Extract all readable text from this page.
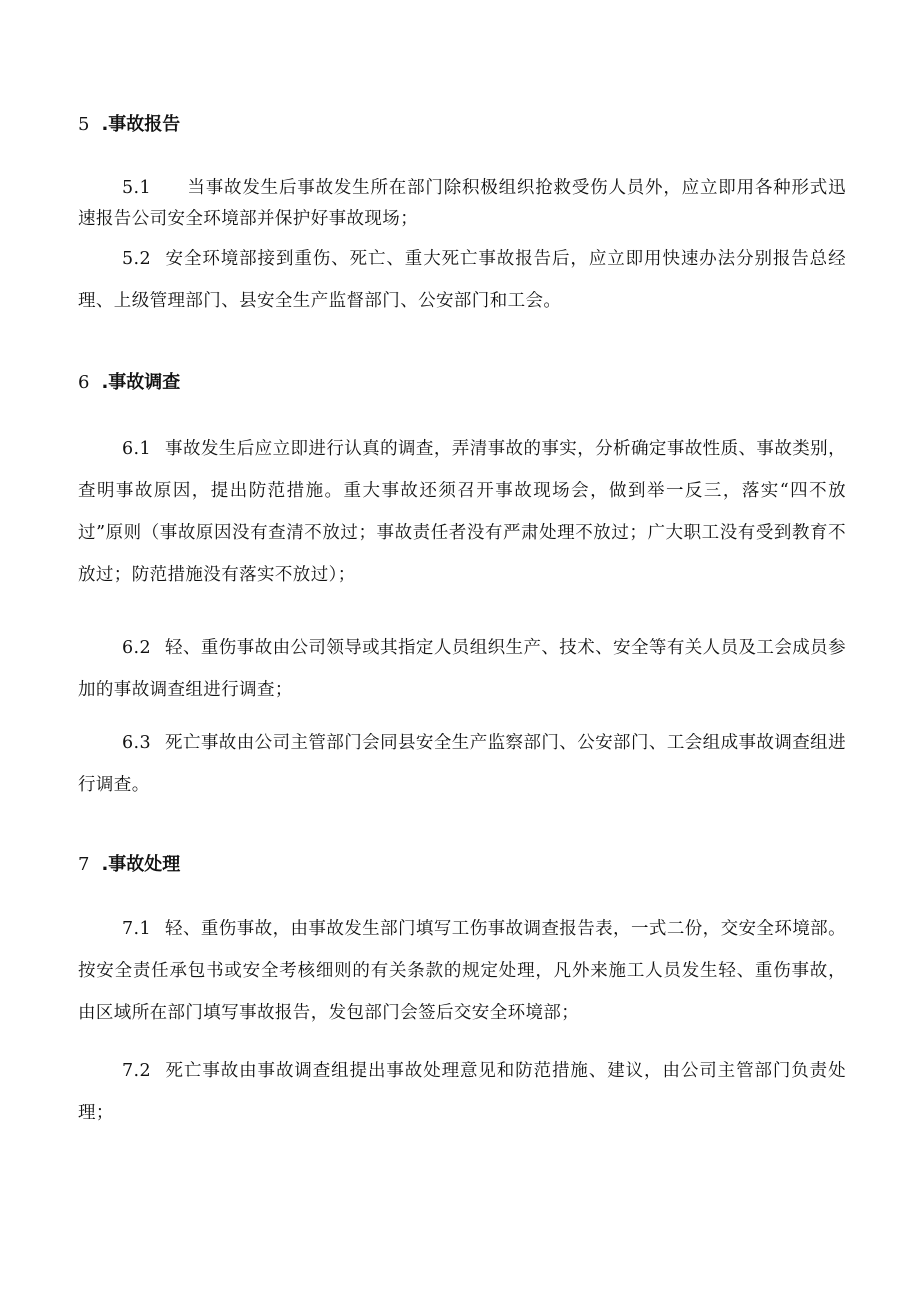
5 .事故报告

5.1 当事故发生后事故发生所在部门除积极组织抢救受伤人员外，应立即用各种形式迅速报告公司安全环境部并保护好事故现场；

5.2 安全环境部接到重伤、死亡、重大死亡事故报告后，应立即用快速办法分别报告总经理、上级管理部门、县安全生产监督部门、公安部门和工会。

6 .事故调查

6.1 事故发生后应立即进行认真的调查，弄清事故的事实，分析确定事故性质、事故类别，查明事故原因，提出防范措施。重大事故还须召开事故现场会，做到举一反三，落实“四不放过”原则（事故原因没有查清不放过；事故责任者没有严肃处理不放过；广大职工没有受到教育不放过；防范措施没有落实不放过）；

6.2 轻、重伤事故由公司领导或其指定人员组织生产、技术、安全等有关人员及工会成员参加的事故调查组进行调查；

6.3 死亡事故由公司主管部门会同县安全生产监察部门、公安部门、工会组成事故调查组进行调查。

7 .事故处理

7.1 轻、重伤事故，由事故发生部门填写工伤事故调查报告表，一式二份，交安全环境部。按安全责任承包书或安全考核细则的有关条款的规定处理，凡外来施工人员发生轻、重伤事故，由区域所在部门填写事故报告，发包部门会签后交安全环境部；

7.2 死亡事故由事故调查组提出事故处理意见和防范措施、建议，由公司主管部门负责处理；
